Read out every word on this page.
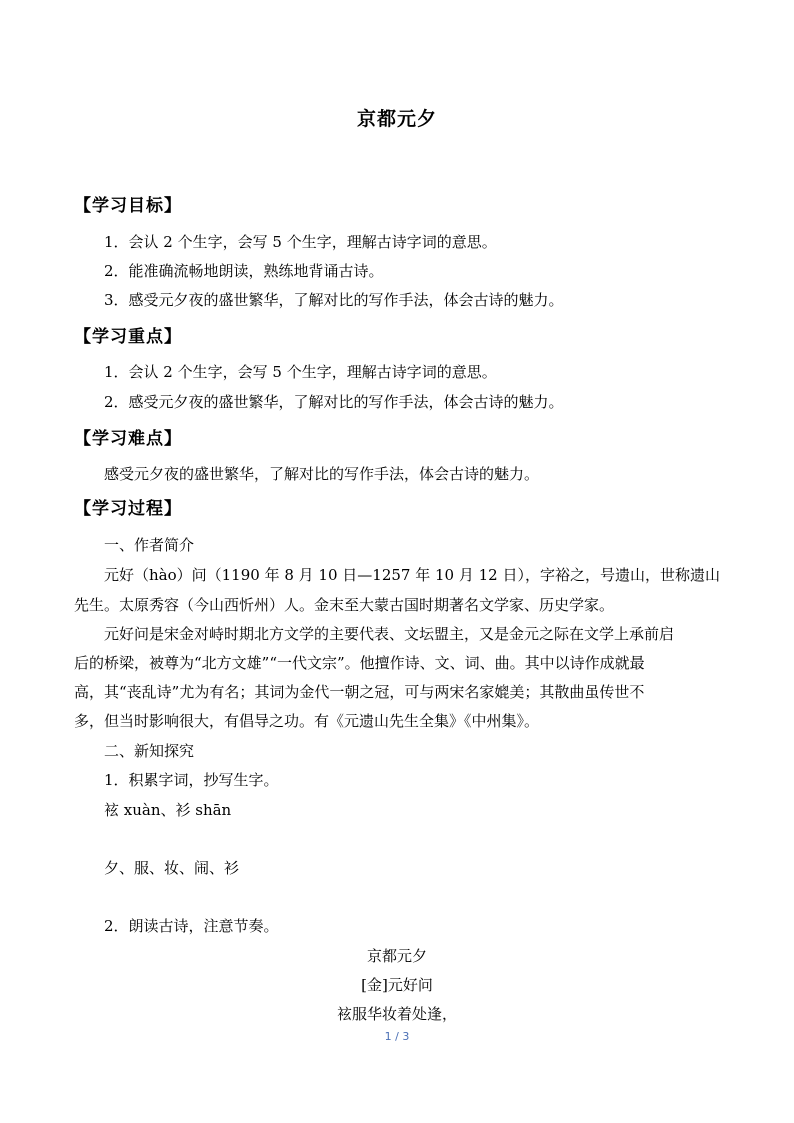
京都元夕
【学习目标】
1．会认 2 个生字，会写 5 个生字，理解古诗字词的意思。
2．能准确流畅地朗读，熟练地背诵古诗。
3．感受元夕夜的盛世繁华，了解对比的写作手法，体会古诗的魅力。
【学习重点】
1．会认 2 个生字，会写 5 个生字，理解古诗字词的意思。
2．感受元夕夜的盛世繁华，了解对比的写作手法，体会古诗的魅力。
【学习难点】
感受元夕夜的盛世繁华，了解对比的写作手法，体会古诗的魅力。
【学习过程】
一、作者简介
元好（hào）问（1190 年 8 月 10 日—1257 年 10 月 12 日），字裕之，号遗山，世称遗山
先生。太原秀容（今山西忻州）人。金末至大蒙古国时期著名文学家、历史学家。
元好问是宋金对峙时期北方文学的主要代表、文坛盟主，又是金元之际在文学上承前启
后的桥梁，被尊为“北方文雄”“一代文宗”。他擅作诗、文、词、曲。其中以诗作成就最
高，其“丧乱诗”尤为有名；其词为金代一朝之冠，可与两宋名家媲美；其散曲虽传世不
多，但当时影响很大，有倡导之功。有《元遗山先生全集》《中州集》。
二、新知探究
1．积累字词，抄写生字。
袨 xuàn、衫 shān
夕、服、妆、闹、衫
2．朗读古诗，注意节奏。
京都元夕
[金]元好问
袨服华妆着处逢，
1 / 3
